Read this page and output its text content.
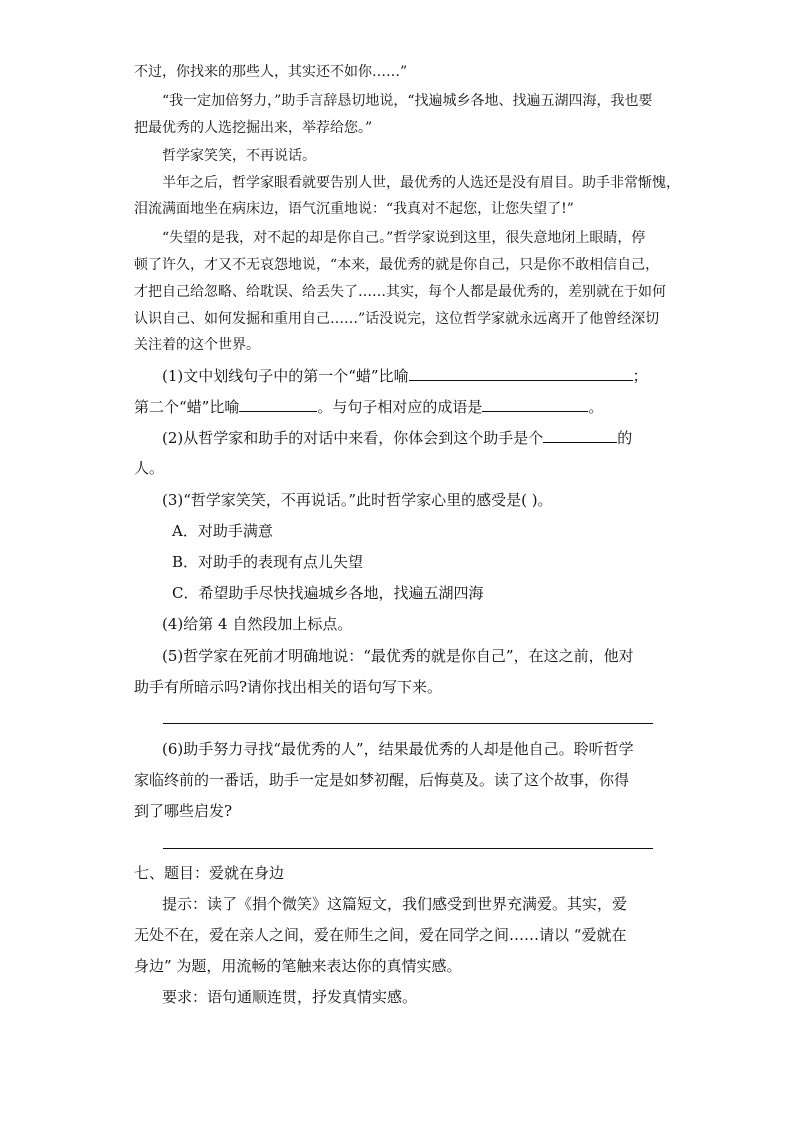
不过，你找来的那些人，其实还不如你……”
“我一定加倍努力，”助手言辞恳切地说，“找遍城乡各地、找遍五湖四海，我也要
把最优秀的人选挖掘出来，举荐给您。”
哲学家笑笑，不再说话。
半年之后，哲学家眼看就要告别人世，最优秀的人选还是没有眉目。助手非常惭愧，
泪流满面地坐在病床边，语气沉重地说：“我真对不起您，让您失望了!”
“失望的是我，对不起的却是你自己。”哲学家说到这里，很失意地闭上眼睛，停
顿了许久，才又不无哀怨地说，“本来，最优秀的就是你自己，只是你不敢相信自己，
才把自己给忽略、给耽误、给丢失了……其实，每个人都是最优秀的，差别就在于如何
认识自己、如何发掘和重用自己……”话没说完，这位哲学家就永远离开了他曾经深切
关注着的这个世界。
(1)文中划线句子中的第一个“蜡”比喻	；
第二个“蜡”比喻	。与句子相对应的成语是	。
(2)从哲学家和助手的对话中来看，你体会到这个助手是个	的
人。
(3)“哲学家笑笑，不再说话。”此时哲学家心里的感受是( )。
A．对助手满意
B．对助手的表现有点儿失望
C．希望助手尽快找遍城乡各地，找遍五湖四海
(4)给第 4 自然段加上标点。
(5)哲学家在死前才明确地说：“最优秀的就是你自己”，在这之前，他对
助手有所暗示吗?请你找出相关的语句写下来。
(6)助手努力寻找“最优秀的人”，结果最优秀的人却是他自己。聆听哲学
家临终前的一番话，助手一定是如梦初醒，后悔莫及。读了这个故事，你得
到了哪些启发?
七、题目：爱就在身边
提示：读了《捐个微笑》这篇短文，我们感受到世界充满爱。其实，爱
无处不在，爱在亲人之间，爱在师生之间，爱在同学之间……请以 “爱就在
身边” 为题，用流畅的笔触来表达你的真情实感。
要求：语句通顺连贯，抒发真情实感。
